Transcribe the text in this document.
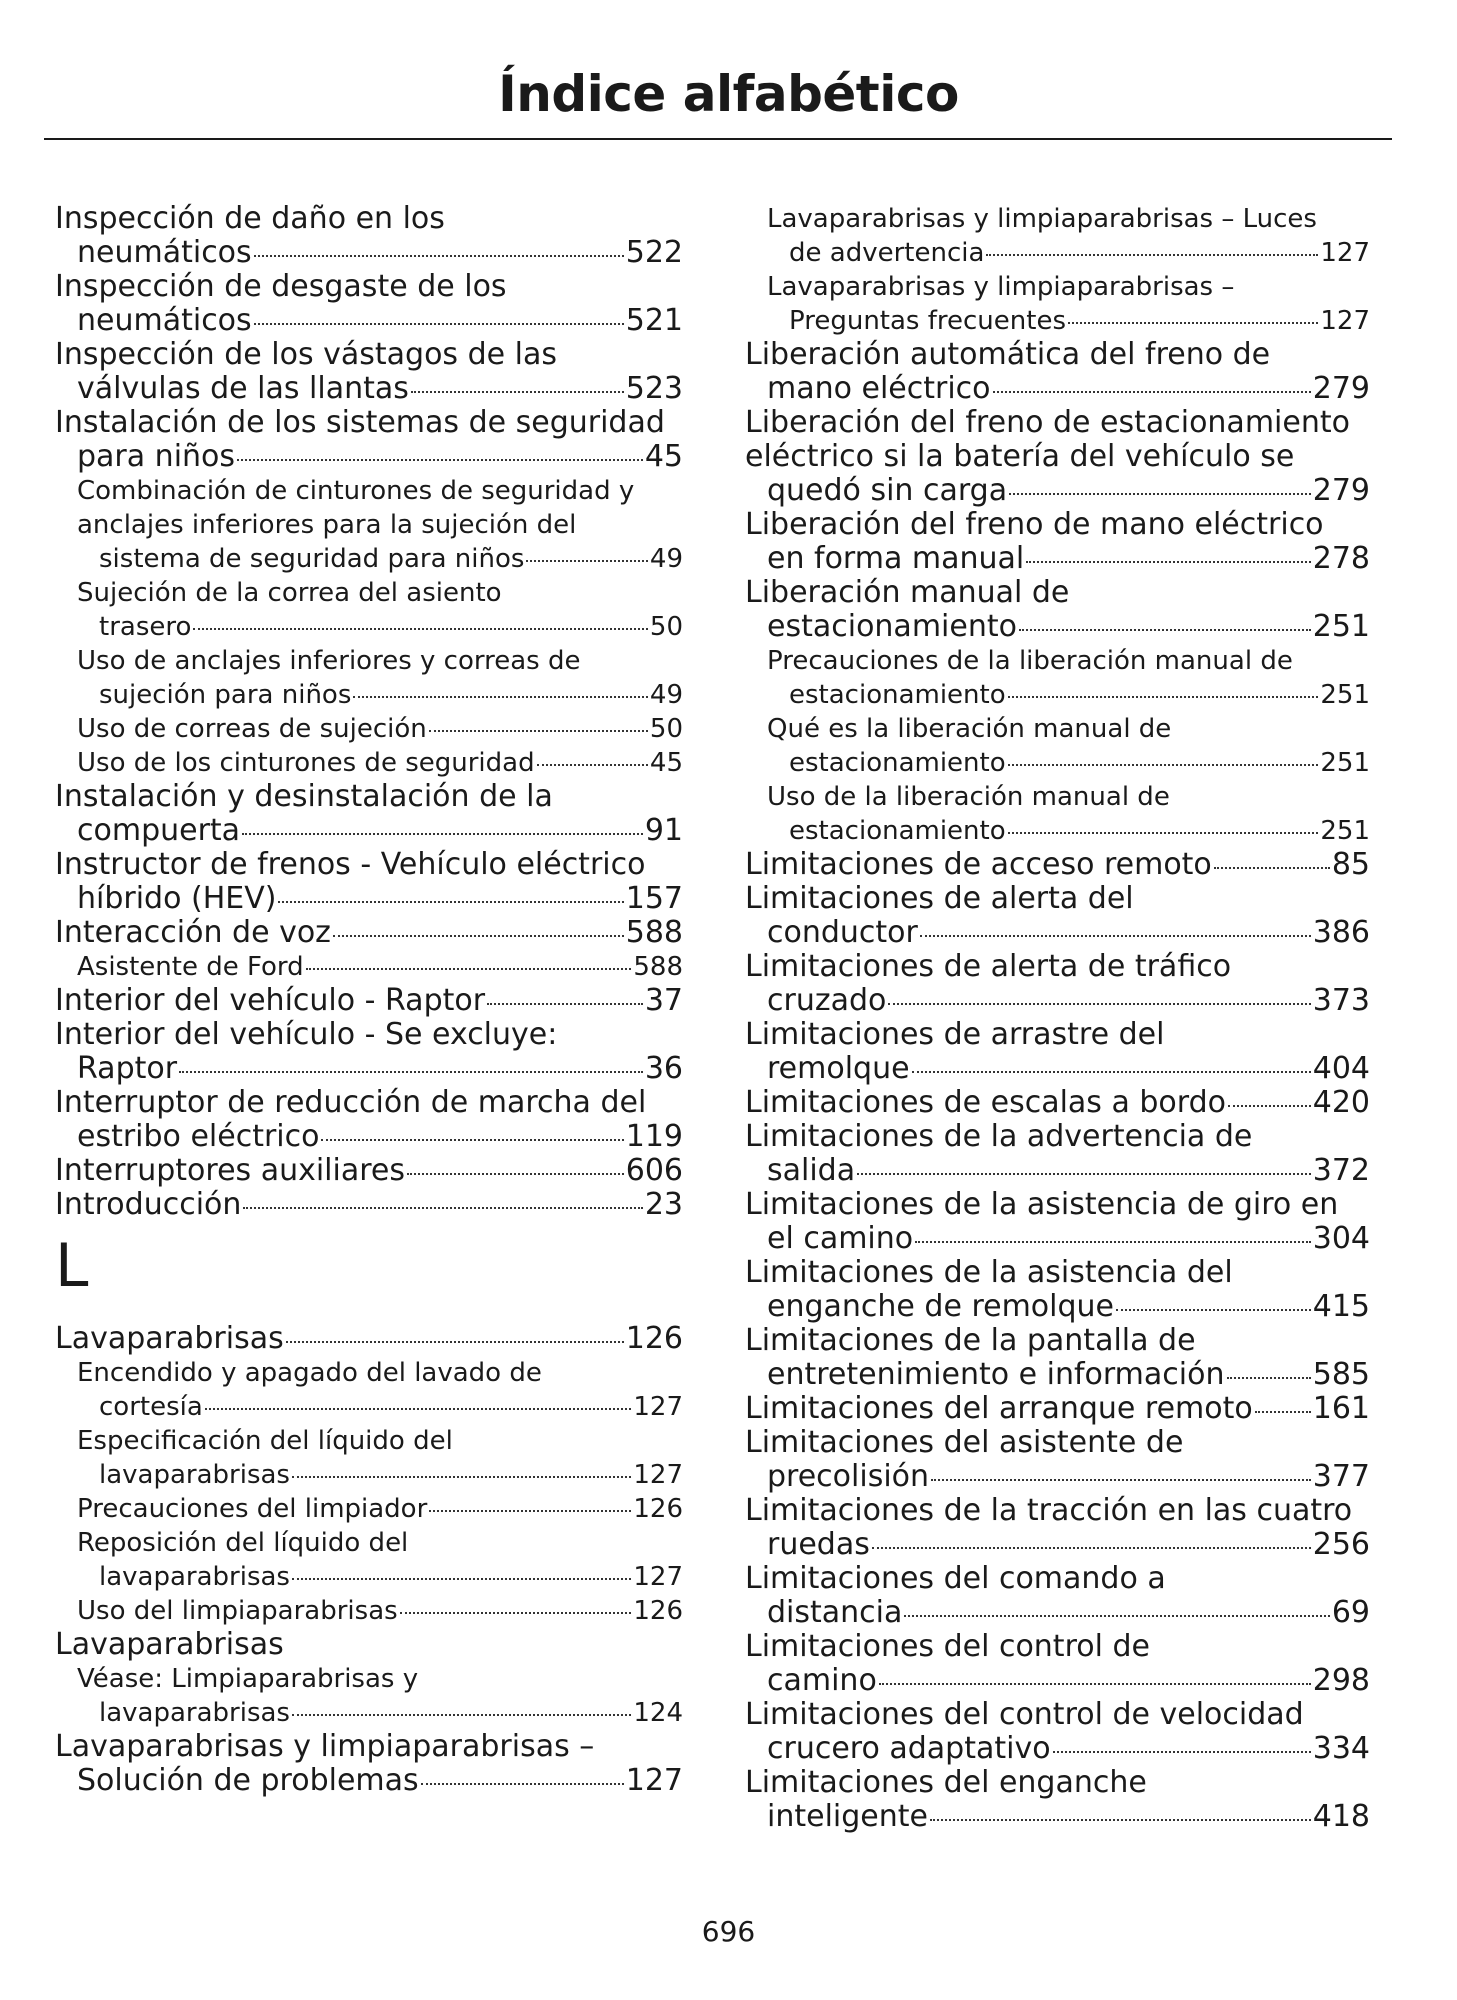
Índice alfabético
Inspección de daño en los
neumáticos	522
Inspección de desgaste de los
neumáticos	521
Inspección de los vástagos de las
válvulas de las llantas	523
Instalación de los sistemas de seguridad
para niños	45
Combinación de cinturones de seguridad y anclajes inferiores para la sujeción del
sistema de seguridad para niños	49
Sujeción de la correa del asiento
trasero	50
Uso de anclajes inferiores y correas de
sujeción para niños	49
Uso de correas de sujeción	50
Uso de los cinturones de seguridad	45
Instalación y desinstalación de la
compuerta	91
Instructor de frenos - Vehículo eléctrico
híbrido (HEV)	157
Interacción de voz	588
Asistente de Ford	588
Interior del vehículo - Raptor	37
Interior del vehículo - Se excluye:
Raptor	36
Interruptor de reducción de marcha del
estribo eléctrico	119
Interruptores auxiliares	606
Introducción	23
L
Lavaparabrisas	126
Encendido y apagado del lavado de
cortesía	127
Especificación del líquido del
lavaparabrisas	127
Precauciones del limpiador	126
Reposición del líquido del
lavaparabrisas	127
Uso del limpiaparabrisas	126
Lavaparabrisas
Véase: Limpiaparabrisas y
lavaparabrisas	124
Lavaparabrisas y limpiaparabrisas –
Solución de problemas	127
Lavaparabrisas y limpiaparabrisas – Luces
de advertencia	127
Lavaparabrisas y limpiaparabrisas –
Preguntas frecuentes	127
Liberación automática del freno de
mano eléctrico	279
Liberación del freno de estacionamiento eléctrico si la batería del vehículo se
quedó sin carga	279
Liberación del freno de mano eléctrico
en forma manual	278
Liberación manual de
estacionamiento	251
Precauciones de la liberación manual de
estacionamiento	251
Qué es la liberación manual de
estacionamiento	251
Uso de la liberación manual de
estacionamiento	251
Limitaciones de acceso remoto	85
Limitaciones de alerta del
conductor	386
Limitaciones de alerta de tráfico
cruzado	373
Limitaciones de arrastre del
remolque	404
Limitaciones de escalas a bordo	420
Limitaciones de la advertencia de
salida	372
Limitaciones de la asistencia de giro en
el camino	304
Limitaciones de la asistencia del
enganche de remolque	415
Limitaciones de la pantalla de
entretenimiento e información	585
Limitaciones del arranque remoto 161
Limitaciones del asistente de
precolisión	377
Limitaciones de la tracción en las cuatro
ruedas	256
Limitaciones del comando a
distancia	69
Limitaciones del control de
camino	298
Limitaciones del control de velocidad
crucero adaptativo	334
Limitaciones del enganche
inteligente	418
696
